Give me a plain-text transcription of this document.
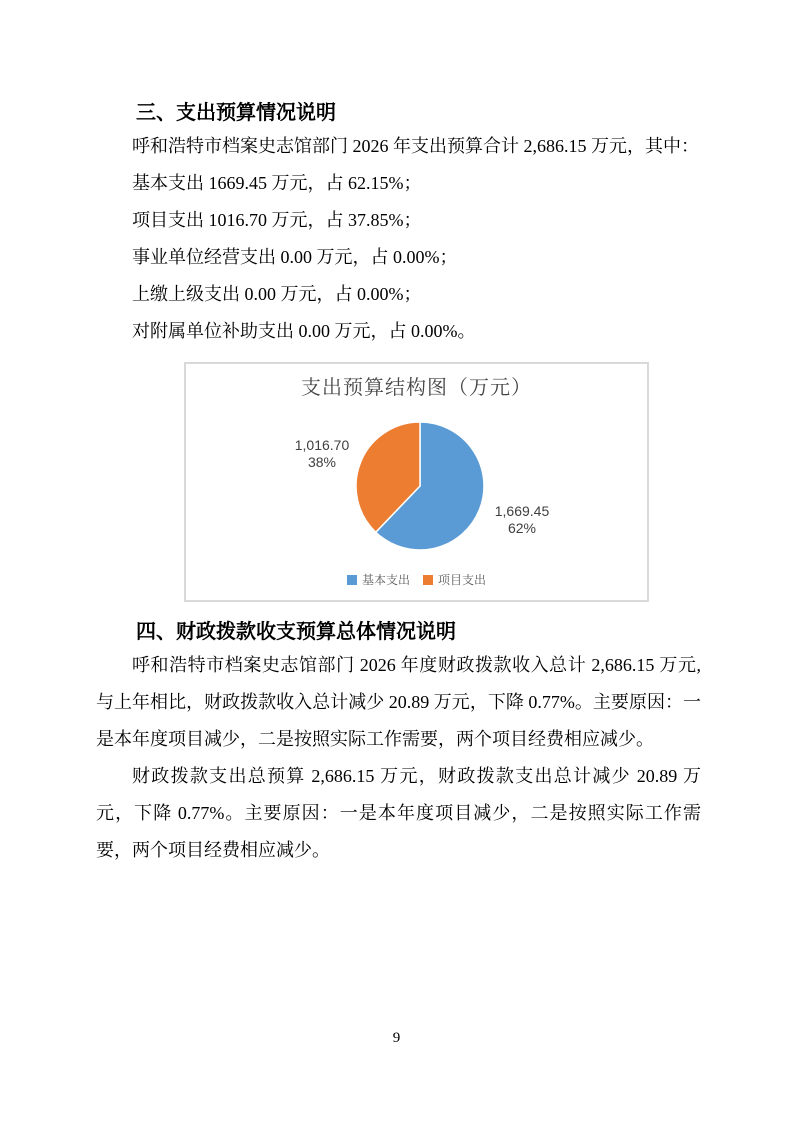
三、支出预算情况说明

呼和浩特市档案史志馆部门 2026 年支出预算合计 2,686.15 万元，其中：

基本支出 1669.45 万元，占 62.15%；

项目支出 1016.70 万元，占 37.85%；

事业单位经营支出 0.00 万元，占 0.00%；

上缴上级支出 0.00 万元，占 0.00%；

对附属单位补助支出 0.00 万元，占 0.00%。

支出预算结构图（万元）
1,669.45
62%
1,016.70
38%
基本支出 项目支出
四、财政拨款收支预算总体情况说明

呼和浩特市档案史志馆部门 2026 年度财政拨款收入总计 2,686.15 万元,与上年相比，财政拨款收入总计减少 20.89 万元，下降 0.77%。主要原因：一是本年度项目减少，二是按照实际工作需要，两个项目经费相应减少。

财政拨款支出总预算 2,686.15 万元，财政拨款支出总计减少 20.89 万元，下降 0.77%。主要原因：一是本年度项目减少，二是按照实际工作需要，两个项目经费相应减少。

9
